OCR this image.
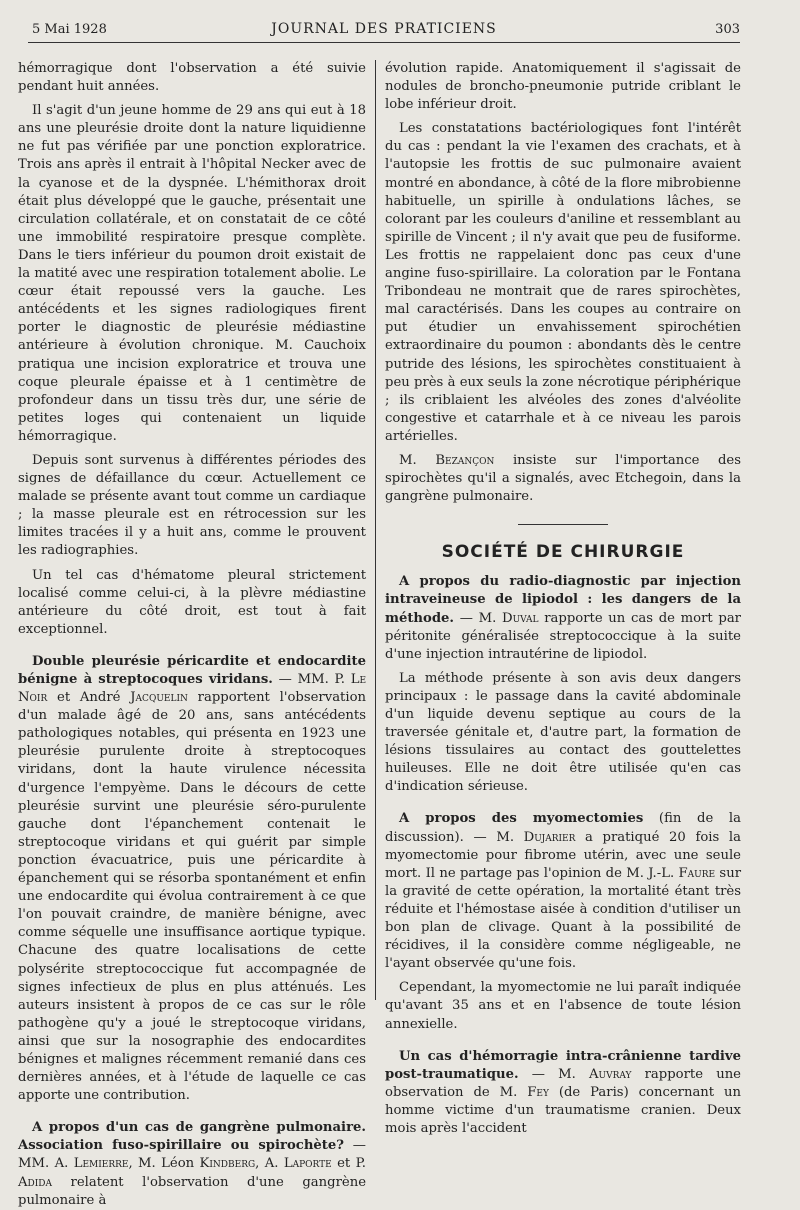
5 Mai 1928	JOURNAL DES PRATICIENS	303

hémorragique dont l'observation a été suivie pendant huit années.

Il s'agit d'un jeune homme de 29 ans qui eut à 18 ans une pleurésie droite dont la nature liquidienne ne fut pas vérifiée par une ponction exploratrice. Trois ans après il entrait à l'hôpital Necker avec de la cyanose et de la dyspnée. L'hémithorax droit était plus développé que le gauche, présentait une circulation collatérale, et on constatait de ce côté une immobilité respiratoire presque complète. Dans le tiers inférieur du poumon droit existait de la matité avec une respiration totalement abolie. Le cœur était repoussé vers la gauche. Les antécédents et les signes radiologiques firent porter le diagnostic de pleurésie médiastine antérieure à évolution chronique. M. Cauchoix pratiqua une incision exploratrice et trouva une coque pleurale épaisse et à 1 centimètre de profondeur dans un tissu très dur, une série de petites loges qui contenaient un liquide hémorragique.

Depuis sont survenus à différentes périodes des signes de défaillance du cœur. Actuellement ce malade se présente avant tout comme un cardiaque ; la masse pleurale est en rétrocession sur les limites tracées il y a huit ans, comme le prouvent les radiographies.

Un tel cas d'hématome pleural strictement localisé comme celui-ci, à la plèvre médiastine antérieure du côté droit, est tout à fait exceptionnel.

Double pleurésie péricardite et endocardite bénigne à streptocoques viridans. — MM. P. Le Noir et André Jacquelin rapportent l'observation d'un malade âgé de 20 ans, sans antécédents pathologiques notables, qui présenta en 1923 une pleurésie purulente droite à streptocoques viridans, dont la haute virulence nécessita d'urgence l'empyème. Dans le décours de cette pleurésie survint une pleurésie séro-purulente gauche dont l'épanchement contenait le streptocoque viridans et qui guérit par simple ponction évacuatrice, puis une péricardite à épanchement qui se résorba spontanément et enfin une endocardite qui évolua contrairement à ce que l'on pouvait craindre, de manière bénigne, avec comme séquelle une insuffisance aortique typique. Chacune des quatre localisations de cette polysérite streptococcique fut accompagnée de signes infectieux de plus en plus atténués. Les auteurs insistent à propos de ce cas sur le rôle pathogène qu'y a joué le streptocoque viridans, ainsi que sur la nosographie des endocardites bénignes et malignes récemment remanié dans ces dernières années, et à l'étude de laquelle ce cas apporte une contribution.

A propos d'un cas de gangrène pulmonaire. Association fuso-spirillaire ou spirochète? — MM. A. Lemierre, M. Léon Kindberg, A. Laporte et P. Adida relatent l'observation d'une gangrène pulmonaire à

évolution rapide. Anatomiquement il s'agissait de nodules de broncho-pneumonie putride criblant le lobe inférieur droit.

Les constatations bactériologiques font l'intérêt du cas : pendant la vie l'examen des crachats, et à l'autopsie les frottis de suc pulmonaire avaient montré en abondance, à côté de la flore mibrobienne habituelle, un spirille à ondulations lâches, se colorant par les couleurs d'aniline et ressemblant au spirille de Vincent ; il n'y avait que peu de fusiforme. Les frottis ne rappelaient donc pas ceux d'une angine fuso-spirillaire. La coloration par le Fontana Tribondeau ne montrait que de rares spirochètes, mal caractérisés. Dans les coupes au contraire on put étudier un envahissement spirochétien extraordinaire du poumon : abondants dès le centre putride des lésions, les spirochètes constituaient à peu près à eux seuls la zone nécrotique périphérique ; ils criblaient les alvéoles des zones d'alvéolite congestive et catarrhale et à ce niveau les parois artérielles.

M. Bezançon insiste sur l'importance des spirochètes qu'il a signalés, avec Etchegoin, dans la gangrène pulmonaire.

SOCIÉTÉ DE CHIRURGIE

A propos du radio-diagnostic par injection intraveineuse de lipiodol : les dangers de la méthode. — M. Duval rapporte un cas de mort par péritonite généralisée streptococcique à la suite d'une injection intrautérine de lipiodol.

La méthode présente à son avis deux dangers principaux : le passage dans la cavité abdominale d'un liquide devenu septique au cours de la traversée génitale et, d'autre part, la formation de lésions tissulaires au contact des gouttelettes huileuses. Elle ne doit être utilisée qu'en cas d'indication sérieuse.

A propos des myomectomies (fin de la discussion). — M. Dujarier a pratiqué 20 fois la myomectomie pour fibrome utérin, avec une seule mort. Il ne partage pas l'opinion de M. J.-L. Faure sur la gravité de cette opération, la mortalité étant très réduite et l'hémostase aisée à condition d'utiliser un bon plan de clivage. Quant à la possibilité de récidives, il la considère comme négligeable, ne l'ayant observée qu'une fois.

Cependant, la myomectomie ne lui paraît indiquée qu'avant 35 ans et en l'absence de toute lésion annexielle.

Un cas d'hémorragie intra-crânienne tardive post-traumatique. — M. Auvray rapporte une observation de M. Fey (de Paris) concernant un homme victime d'un traumatisme cranien. Deux mois après l'accident
